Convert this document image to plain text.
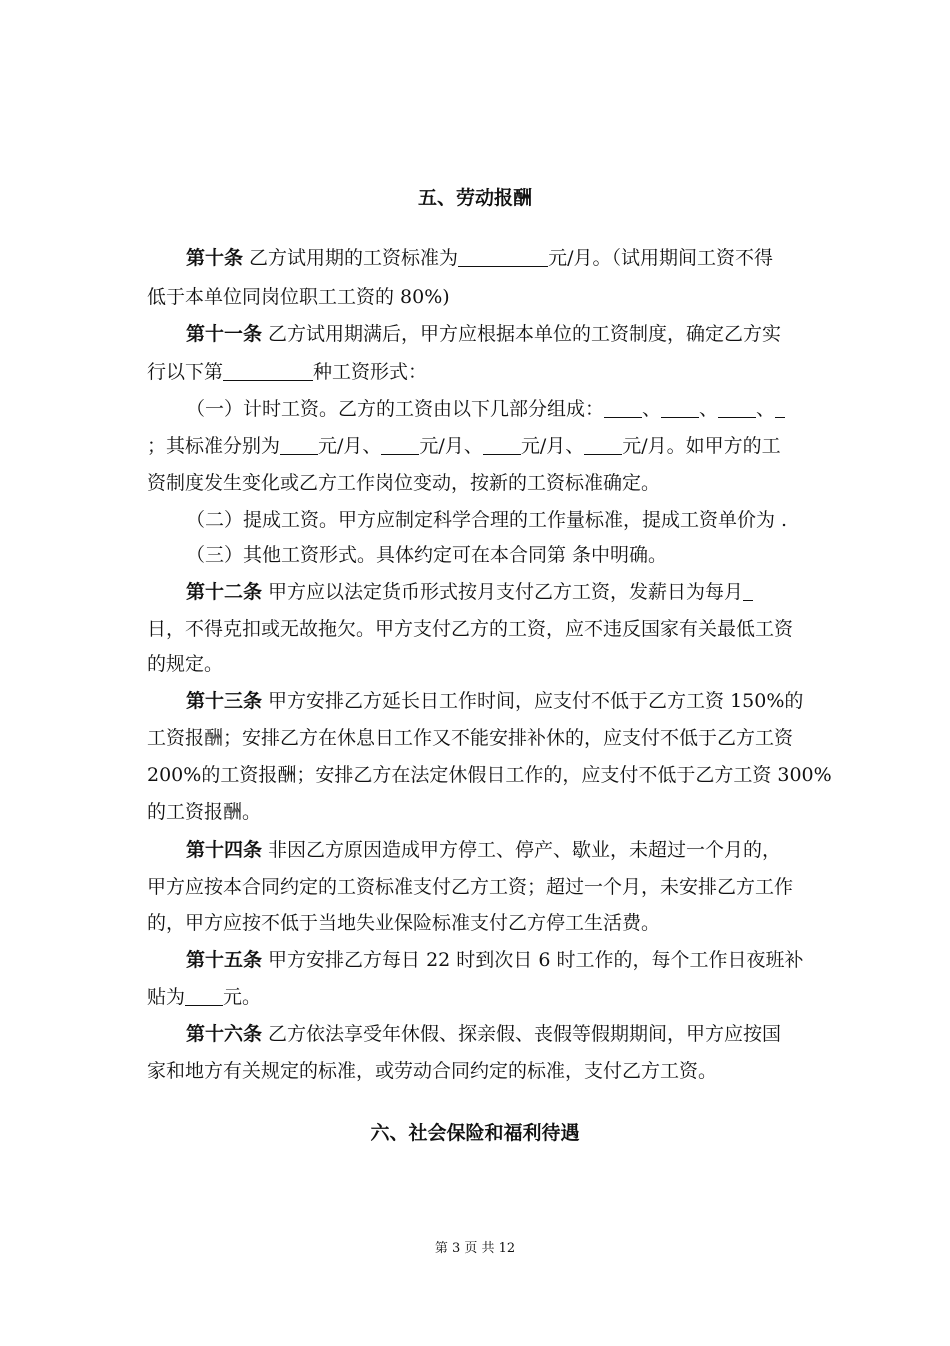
五、劳动报酬

第十条 乙方试用期的工资标准为	元/月。（试用期间工资不得

低于本单位同岗位职工工资的 80%)

第十一条 乙方试用期满后，甲方应根据本单位的工资制度，确定乙方实

行以下第	种工资形式：

（一）计时工资。乙方的工资由以下几部分组成： 、 、 、

；其标准分别为 元/月、 元/月、 元/月、 元/月。如甲方的工

资制度发生变化或乙方工作岗位变动，按新的工资标准确定。

（二）提成工资。甲方应制定科学合理的工作量标准，提成工资单价为 .

（三）其他工资形式。具体约定可在本合同第 条中明确。

第十二条 甲方应以法定货币形式按月支付乙方工资，发薪日为每月

日，不得克扣或无故拖欠。甲方支付乙方的工资，应不违反国家有关最低工资

的规定。

第十三条 甲方安排乙方延长日工作时间，应支付不低于乙方工资 150%的

工资报酬；安排乙方在休息日工作又不能安排补休的，应支付不低于乙方工资

200%的工资报酬；安排乙方在法定休假日工作的，应支付不低于乙方工资 300%

的工资报酬。

第十四条 非因乙方原因造成甲方停工、停产、歇业，未超过一个月的，

甲方应按本合同约定的工资标准支付乙方工资；超过一个月，未安排乙方工作

的，甲方应按不低于当地失业保险标准支付乙方停工生活费。

第十五条 甲方安排乙方每日 22 时到次日 6 时工作的，每个工作日夜班补

贴为 元。

第十六条 乙方依法享受年休假、探亲假、丧假等假期期间，甲方应按国

家和地方有关规定的标准，或劳动合同约定的标准，支付乙方工资。

六、社会保险和福利待遇
第 3 页 共 12
